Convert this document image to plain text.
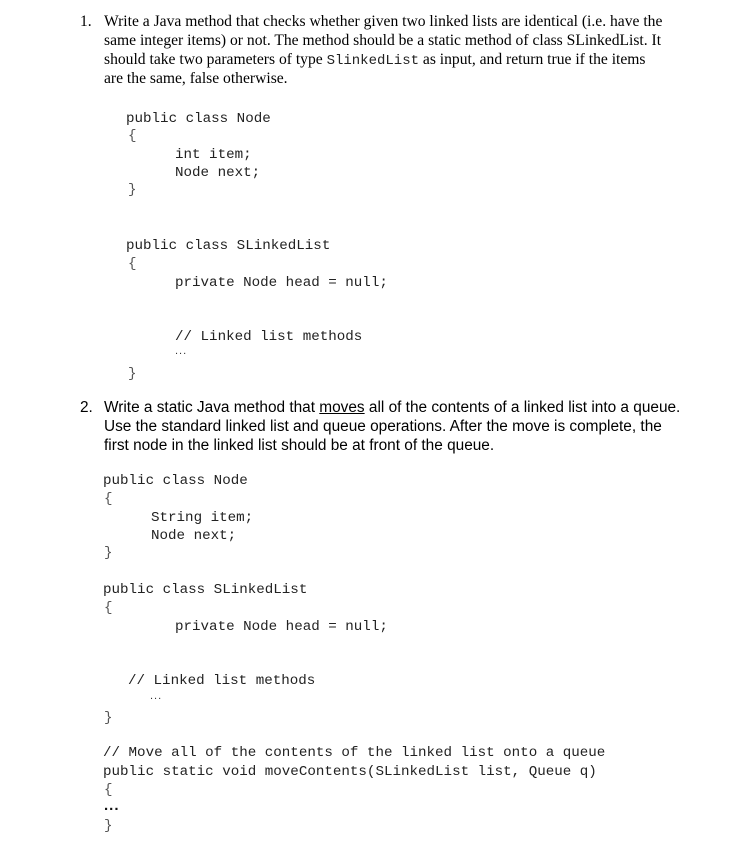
1. Write a Java method that checks whether given two linked lists are identical (i.e. have the
same integer items) or not. The method should be a static method of class SLinkedList. It
should take two parameters of type SlinkedList as input, and return true if the items
are the same, false otherwise.
public class Node
{
int item;
Node next;
}
public class SLinkedList
{
private Node head = null;
// Linked list methods
...
}
2. Write a static Java method that moves all of the contents of a linked list into a queue.
Use the standard linked list and queue operations. After the move is complete, the
first node in the linked list should be at front of the queue.
public class Node
{
String item;
Node next;
}
public class SLinkedList
{
private Node head = null;
// Linked list methods
...
}
// Move all of the contents of the linked list onto a queue
public static void moveContents(SLinkedList list, Queue q)
{
...
}
